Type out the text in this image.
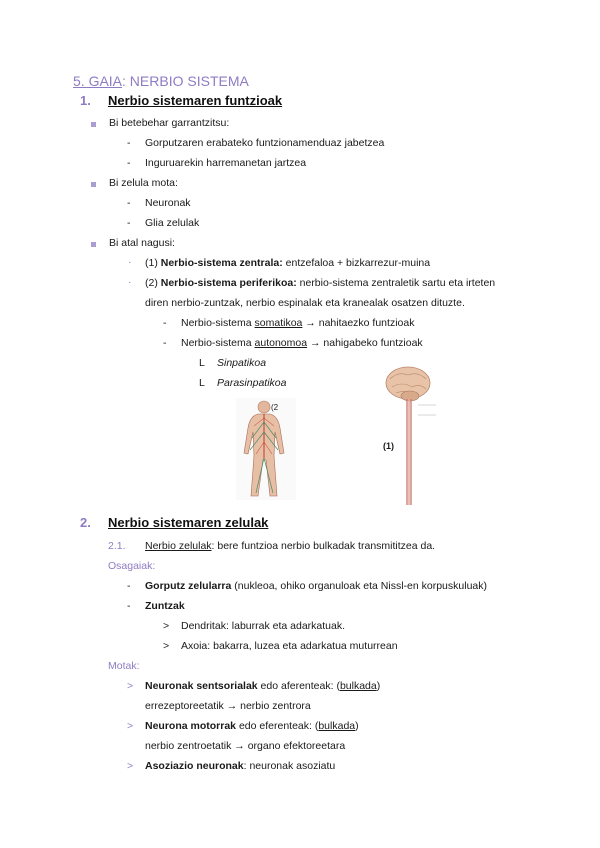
5. GAIA: NERBIO SISTEMA
1. Nerbio sistemaren funtzioak
Bi betebehar garrantzitsu:
- Gorputzaren erabateko funtzionamenduaz jabetzea
- Inguruarekin harremanetan jartzea
Bi zelula mota:
- Neuronak
- Glia zelulak
Bi atal nagusi:
· (1) Nerbio-sistema zentrala: entzefaloa + bizkarrezur-muina
· (2) Nerbio-sistema periferikoa: nerbio-sistema zentraletik sartu eta irteten
diren nerbio-zuntzak, nerbio espinalak eta kranealak osatzen dituzte.
- Nerbio-sistema somatikoa → nahitaezko funtzioak
- Nerbio-sistema autonomoa → nahigabeko funtzioak
L Sinpatikoa
L Parasinpatikoa
(2
(1)
2. Nerbio sistemaren zelulak
2.1. Nerbio zelulak: bere funtzioa nerbio bulkadak transmititzea da.
Osagaiak:
- Gorputz zelularra (nukleoa, ohiko organuloak eta Nissl-en korpuskuluak)
- Zuntzak
> Dendritak: laburrak eta adarkatuak.
> Axoia: bakarra, luzea eta adarkatua muturrean
Motak:
> Neuronak sentsorialak edo aferenteak: (bulkada)
errezeptoreetatik → nerbio zentrora
> Neurona motorrak edo eferenteak: (bulkada)
nerbio zentroetatik → organo efektoreetara
> Asoziazio neuronak: neuronak asoziatu
